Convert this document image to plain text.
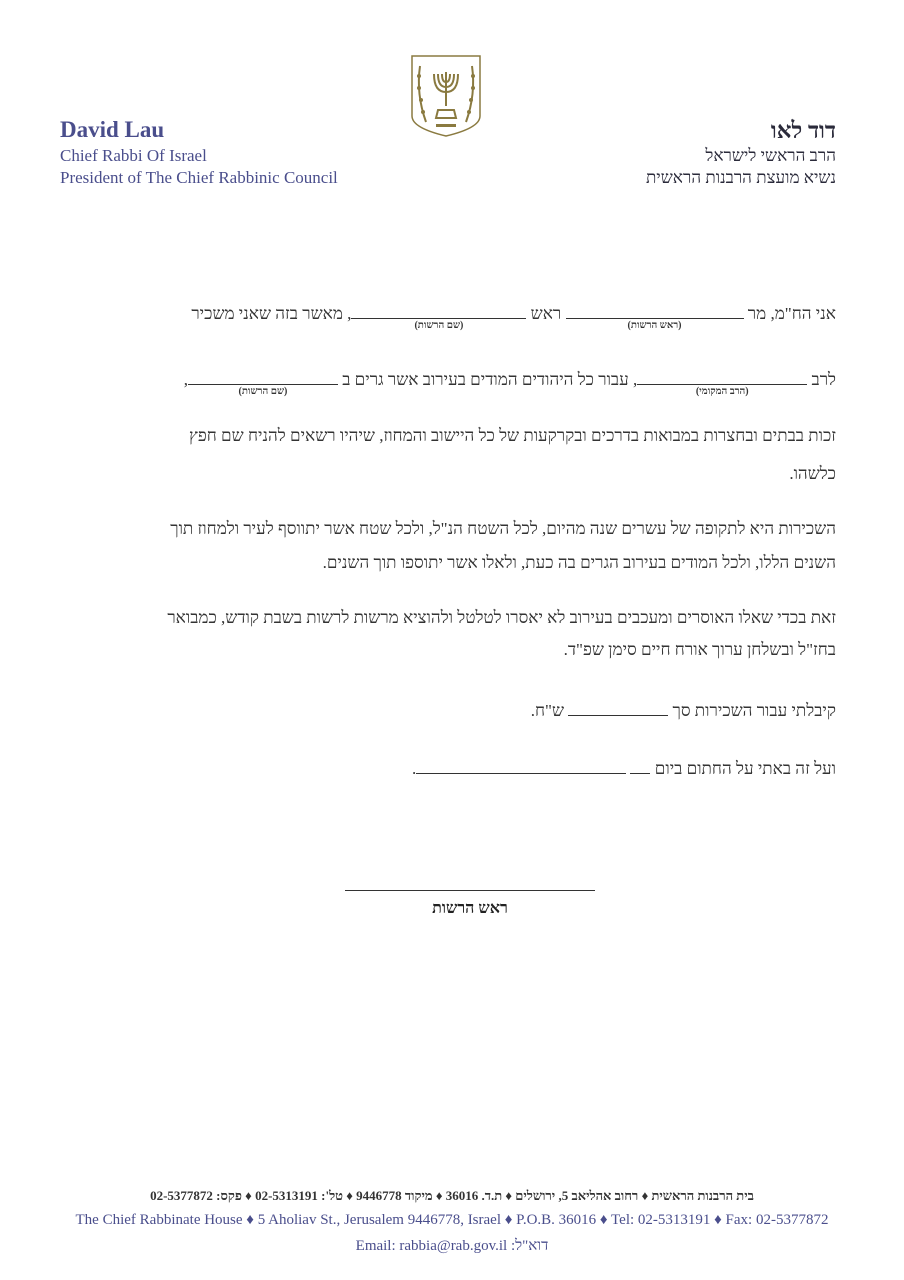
David Lau
Chief Rabbi Of Israel
President of The Chief Rabbinic Council
דוד לאו
הרב הראשי לישראל
נשיא מועצת הרבנות הראשית
אני הח"מ, מר
(ראש הרשות)
ראש
(שם הרשות)
, מאשר בזה שאני משכיר
לרב
(הרב המקומי)
, עבור כל היהודים המודים בעירוב אשר גרים ב
(שם הרשות)
,
זכות בבתים ובחצרות במבואות בדרכים ובקרקעות של כל היישוב והמחוז, שיהיו רשאים להניח שם חפץ
כלשהו.
השכירות היא לתקופה של עשרים שנה מהיום, לכל השטח הנ"ל, ולכל שטח אשר יתווסף לעיר ולמחוז תוך
השנים הללו, ולכל המודים בעירוב הגרים בה כעת, ולאלו אשר יתוספו תוך השנים.
זאת בכדי שאלו האוסרים ומעכבים בעירוב לא יאסרו לטלטל ולהוציא מרשות לרשות בשבת קודש, כמבואר
בחז"ל ובשלחן ערוך אורח חיים סימן שפ"ד.
קיבלתי עבור השכירות סך  ש"ח.
ועל זה באתי על החתום ביום  .
ראש הרשות
בית הרבנות הראשית ♦ רחוב אהליאב 5, ירושלים ♦ ת.ד. 36016 ♦ מיקוד 9446778 ♦ טל': 02-5313191 ♦ פקס: 02-5377872
The Chief Rabbinate House ♦ 5 Aholiav St., Jerusalem 9446778, Israel ♦ P.O.B. 36016 ♦ Tel: 02-5313191 ♦ Fax: 02-5377872
Email: rabbia@rab.gov.il :דוא"ל
